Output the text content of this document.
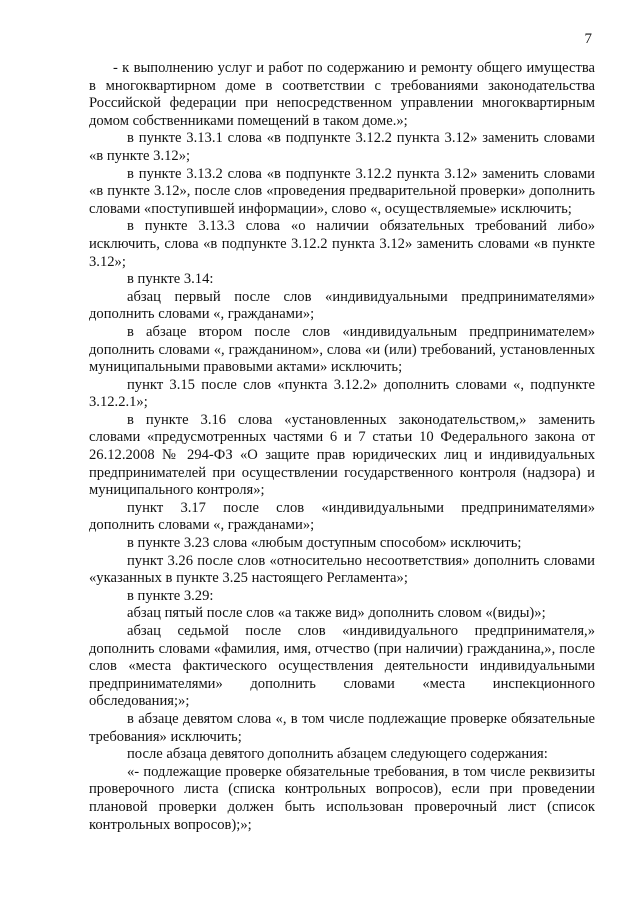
7

- к выполнению услуг и работ по содержанию и ремонту общего имущества в многоквартирном доме в соответствии с требованиями законодательства Российской федерации при непосредственном управлении многоквартирным домом собственниками помещений в таком доме.»;

в пункте 3.13.1 слова «в подпункте 3.12.2 пункта 3.12» заменить словами «в пункте 3.12»;

в пункте 3.13.2 слова «в подпункте 3.12.2 пункта 3.12» заменить словами «в пункте 3.12», после слов «проведения предварительной проверки» дополнить словами «поступившей информации», слово «, осуществляемые» исключить;

в пункте 3.13.3 слова «о наличии обязательных требований либо» исключить, слова «в подпункте 3.12.2 пункта 3.12» заменить словами «в пункте 3.12»;

в пункте 3.14:

абзац первый после слов «индивидуальными предпринимателями» дополнить словами «, гражданами»;

в абзаце втором после слов «индивидуальным предпринимателем» дополнить словами «, гражданином», слова «и (или) требований, установленных муниципальными правовыми актами» исключить;

пункт 3.15 после слов «пункта 3.12.2» дополнить словами «, подпункте 3.12.2.1»;

в пункте 3.16 слова «установленных законодательством,» заменить словами «предусмотренных частями 6 и 7 статьи 10 Федерального закона от 26.12.2008 № 294-ФЗ «О защите прав юридических лиц и индивидуальных предпринимателей при осуществлении государственного контроля (надзора) и муниципального контроля»;

пункт 3.17 после слов «индивидуальными предпринимателями» дополнить словами «, гражданами»;

в пункте 3.23 слова «любым доступным способом» исключить;

пункт 3.26 после слов «относительно несоответствия» дополнить словами «указанных в пункте 3.25 настоящего Регламента»;

в пункте 3.29:

абзац пятый после слов «а также вид» дополнить словом «(виды)»;

абзац седьмой после слов «индивидуального предпринимателя,» дополнить словами «фамилия, имя, отчество (при наличии) гражданина,», после слов «места фактического осуществления деятельности индивидуальными предпринимателями» дополнить словами «места инспекционного обследования;»;

в абзаце девятом слова «, в том числе подлежащие проверке обязательные требования» исключить;

после абзаца девятого дополнить абзацем следующего содержания:

«- подлежащие проверке обязательные требования, в том числе реквизиты проверочного листа (списка контрольных вопросов), если при проведении плановой проверки должен быть использован проверочный лист (список контрольных вопросов);»;
